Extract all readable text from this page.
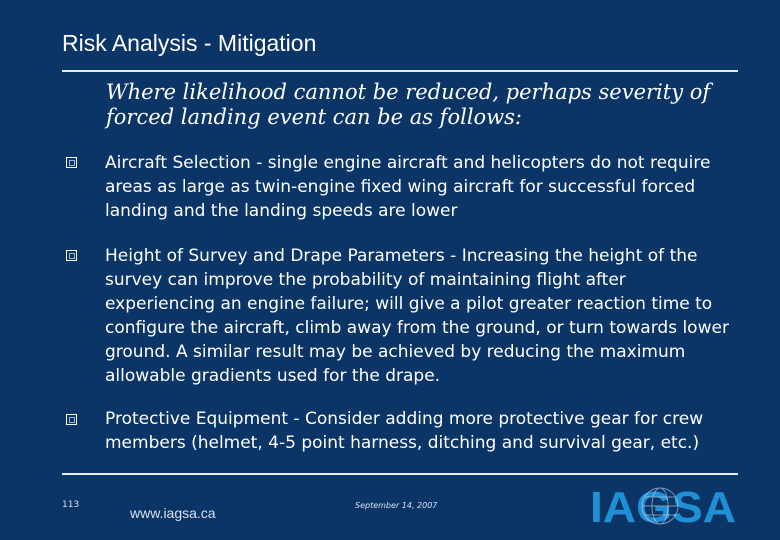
Risk Analysis - Mitigation
Where likelihood cannot be reduced, perhaps severity of forced landing event can be as follows:
Aircraft Selection - single engine aircraft and helicopters do not require areas as large as twin-engine fixed wing aircraft for successful forced landing and the landing speeds are lower
Height of Survey and Drape Parameters - Increasing the height of the survey can improve the probability of maintaining flight after experiencing an engine failure; will give a pilot greater reaction time to configure the aircraft, climb away from the ground, or turn towards lower ground. A similar result may be achieved by reducing the maximum allowable gradients used for the drape.
Protective Equipment - Consider adding more protective gear for crew members (helmet, 4-5 point harness, ditching and survival gear, etc.)
113	www.iagsa.ca	September 14, 2007	IAGSA
